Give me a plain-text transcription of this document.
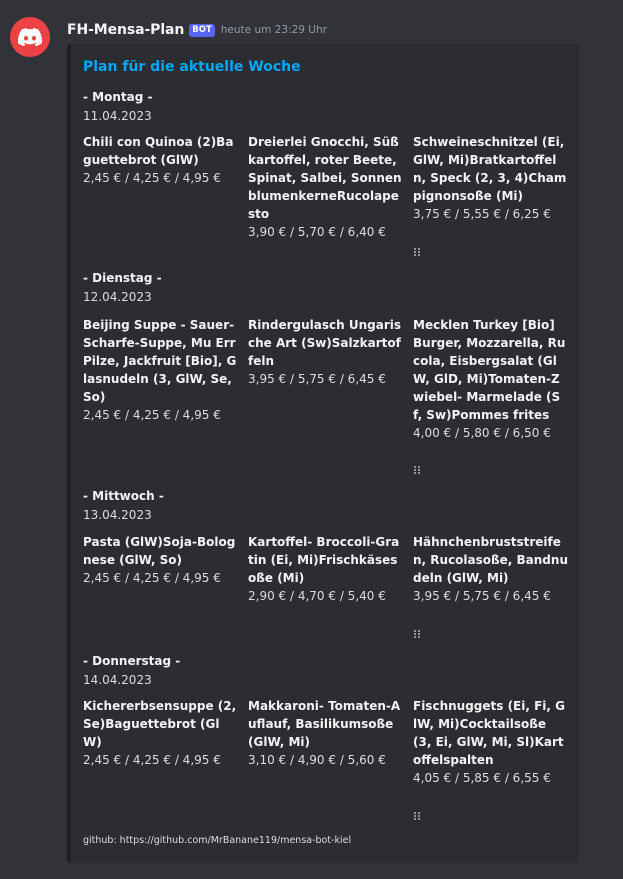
FH-Mensa-Plan BOT heute um 23:29 Uhr
Plan für die aktuelle Woche
- Montag -
11.04.2023
Chili con Quinoa (2)Baguettebrot (GlW)
2,45 € / 4,25 € / 4,95 €
Dreierlei Gnocchi, Süßkartoffel, roter Beete, Spinat, Salbei, SonnenblumenkerneRucolapesto
3,90 € / 5,70 € / 6,40 €
Schweineschnitzel (Ei, GlW, Mi)Bratkartoffeln, Speck (2, 3, 4)Champignonsoße (Mi)
3,75 € / 5,55 € / 6,25 €
- Dienstag -
12.04.2023
Beijing Suppe - Sauer-Scharfe-Suppe, Mu Err Pilze, Jackfruit [Bio], Glasnudeln (3, GlW, Se, So)
2,45 € / 4,25 € / 4,95 €
Rindergulasch Ungarische Art (Sw)Salzkartoffeln
3,95 € / 5,75 € / 6,45 €
Mecklen Turkey [Bio] Burger, Mozzarella, Rucola, Eisbergsalat (GlW, GlD, Mi)Tomaten-Zwiebel- Marmelade (Sf, Sw)Pommes frites
4,00 € / 5,80 € / 6,50 €
- Mittwoch -
13.04.2023
Pasta (GlW)Soja-Bolognese (GlW, So)
2,45 € / 4,25 € / 4,95 €
Kartoffel- Broccoli-Gratin (Ei, Mi)Frischkäsesoße (Mi)
2,90 € / 4,70 € / 5,40 €
Hähnchenbruststreifen, Rucolasoße, Bandnudeln (GlW, Mi)
3,95 € / 5,75 € / 6,45 €
- Donnerstag -
14.04.2023
Kichererbsensuppe (2, Se)Baguettebrot (GlW)
2,45 € / 4,25 € / 4,95 €
Makkaroni- Tomaten-Auflauf, Basilikumsoße (GlW, Mi)
3,10 € / 4,90 € / 5,60 €
Fischnuggets (Ei, Fi, GlW, Mi)Cocktailsoße (3, Ei, GlW, Mi, Sl)Kartoffelspalten
4,05 € / 5,85 € / 6,55 €
github: https://github.com/MrBanane119/mensa-bot-kiel
